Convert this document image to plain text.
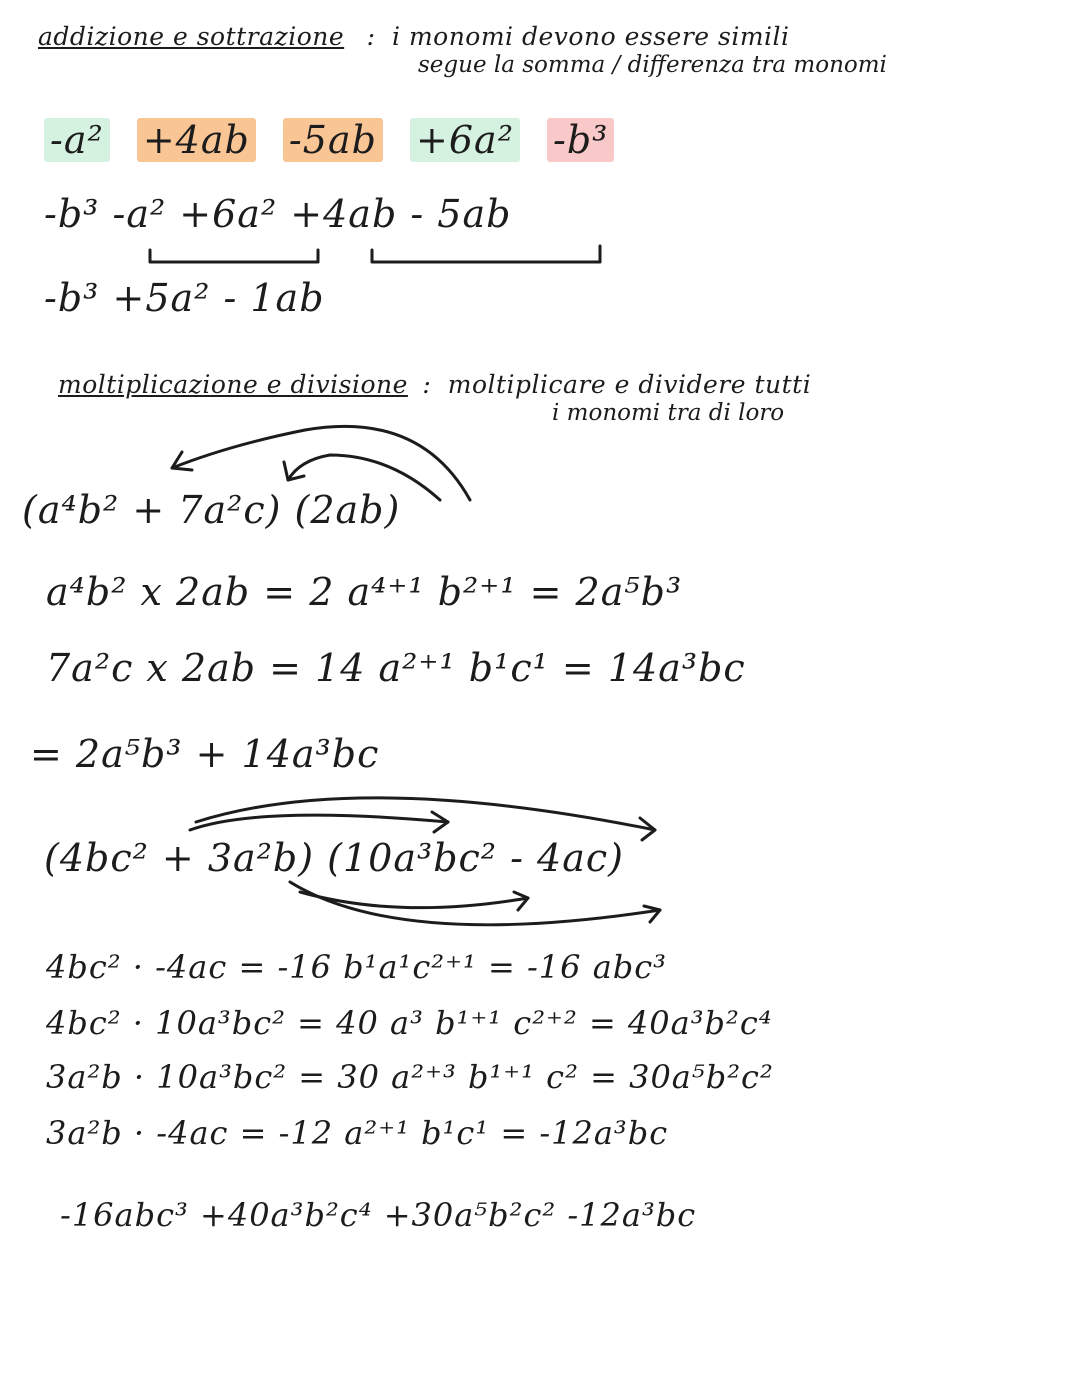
addizione e sottrazione : i monomi devono essere simili
segue la somma / differenza tra monomi
-a² +4ab -5ab +6a² -b³
-b³ -a² +6a² +4ab - 5ab
-b³ +5a² - 1ab
moltiplicazione e divisione : moltiplicare e dividere tutti
i monomi tra di loro
(a⁴b² + 7a²c) (2ab)
a⁴b² x 2ab = 2 a⁴⁺¹ b²⁺¹ = 2a⁵b³
7a²c x 2ab = 14 a²⁺¹ b¹c¹ = 14a³bc
= 2a⁵b³ + 14a³bc
(4bc² + 3a²b) (10a³bc² - 4ac)
4bc² · -4ac = -16 b¹a¹c²⁺¹ = -16 abc³
4bc² · 10a³bc² = 40 a³ b¹⁺¹ c²⁺² = 40a³b²c⁴
3a²b · 10a³bc² = 30 a²⁺³ b¹⁺¹ c² = 30a⁵b²c²
3a²b · -4ac = -12 a²⁺¹ b¹c¹ = -12a³bc
-16abc³ +40a³b²c⁴ +30a⁵b²c² -12a³bc
